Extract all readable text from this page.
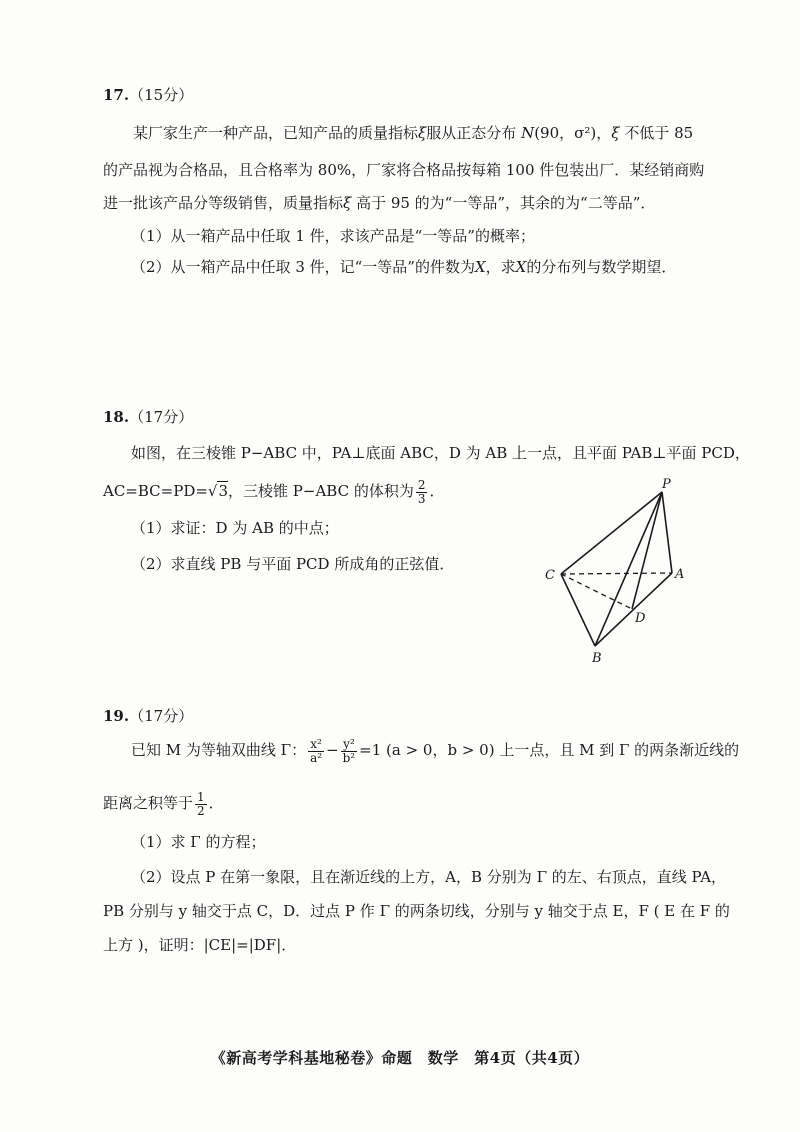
17.（15分）
某厂家生产一种产品，已知产品的质量指标ξ服从正态分布 N(90，σ²)，ξ 不低于 85
的产品视为合格品，且合格率为 80%，厂家将合格品按每箱 100 件包装出厂．某经销商购
进一批该产品分等级销售，质量指标ξ 高于 95 的为“一等品”，其余的为“二等品”．
（1）从一箱产品中任取 1 件，求该产品是“一等品”的概率；
（2）从一箱产品中任取 3 件，记“一等品”的件数为X，求X的分布列与数学期望．
18.（17分）
如图，在三棱锥 P−ABC 中，PA⊥底面 ABC，D 为 AB 上一点，且平面 PAB⊥平面 PCD，
AC=BC=PD=√3，三棱锥 P−ABC 的体积为 $\frac{2}{3}$ ．
（1）求证：D 为 AB 的中点；
（2）求直线 PB 与平面 PCD 所成角的正弦值．
P
C	A
D
B
19.（17分）
已知 M 为等轴双曲线 Γ： $\frac{\text{x²}}{\text{a²}} - \frac{\text{y²}}{\text{b²}} =1$ (a > 0，b > 0) 上一点，且 M 到 Γ 的两条渐近线的
距离之积等于 $\frac{1}{2}$ ．
（1）求 Γ 的方程；
（2）设点 P 在第一象限，且在渐近线的上方，A，B 分别为 Γ 的左、右顶点，直线 PA，
PB 分别与 y 轴交于点 C，D．过点 P 作 Γ 的两条切线，分别与 y 轴交于点 E，F ( E 在 F 的
上方 )，证明：|CE|=|DF|．
《新高考学科基地秘卷》命题　数学　第4页（共4页）
